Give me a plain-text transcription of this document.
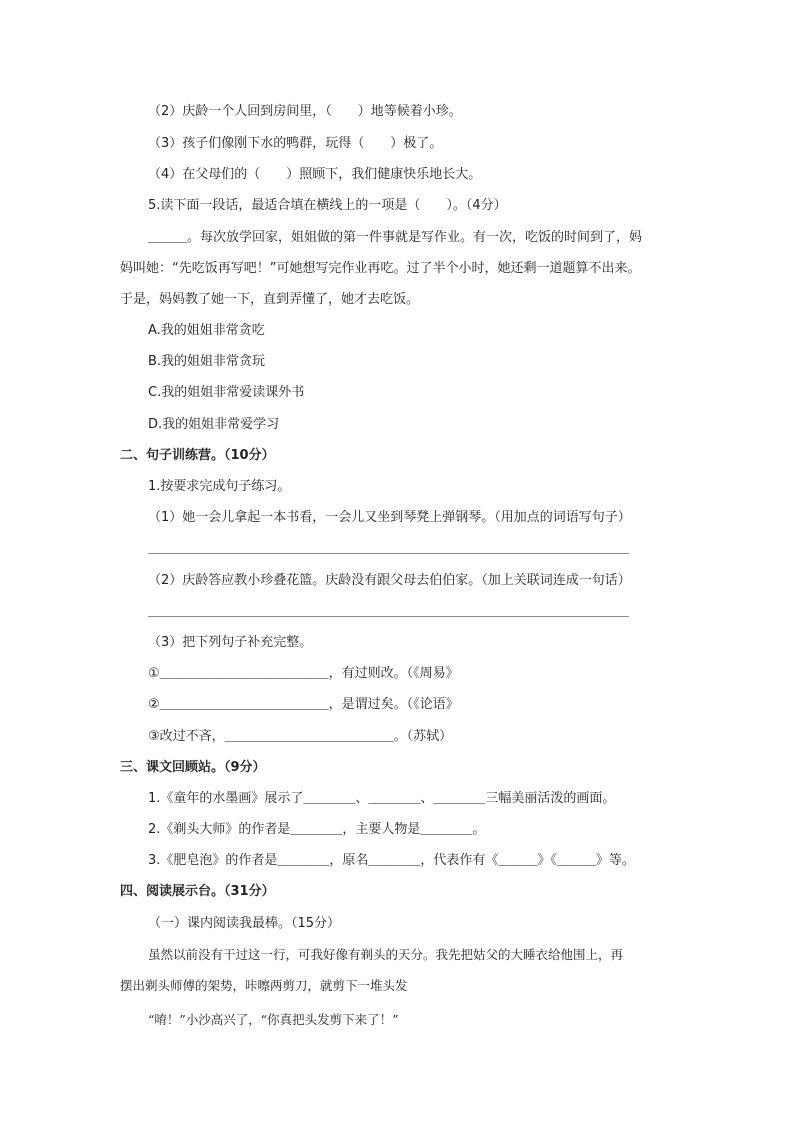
（2）庆龄一个人回到房间里，（　　）地等候着小珍。
（3）孩子们像刚下水的鸭群，玩得（　　）极了。
（4）在父母们的（　　）照顾下，我们健康快乐地长大。
5.读下面一段话，最适合填在横线上的一项是（　　）。（4分）
＿＿＿。每次放学回家，姐姐做的第一件事就是写作业。有一次，吃饭的时间到了，妈
妈叫她：“先吃饭再写吧！”可她想写完作业再吃。过了半个小时，她还剩一道题算不出来。
于是，妈妈教了她一下，直到弄懂了，她才去吃饭。
A.我的姐姐非常贪吃
B.我的姐姐非常贪玩
C.我的姐姐非常爱读课外书
D.我的姐姐非常爱学习
二、句子训练营。（10分）
1.按要求完成句子练习。
（1）她一会儿拿起一本书看，一会儿又坐到琴凳上弹钢琴。（用加点的词语写句子）
＿＿＿＿＿＿＿＿＿＿＿＿＿＿＿＿＿＿＿＿＿＿＿＿＿＿＿＿＿＿＿＿＿＿＿＿＿
（2）庆龄答应教小珍叠花篮。庆龄没有跟父母去伯伯家。（加上关联词连成一句话）
＿＿＿＿＿＿＿＿＿＿＿＿＿＿＿＿＿＿＿＿＿＿＿＿＿＿＿＿＿＿＿＿＿＿＿＿＿
（3）把下列句子补充完整。
①＿＿＿＿＿＿＿＿＿＿＿＿＿，有过则改。（《周易》
②＿＿＿＿＿＿＿＿＿＿＿＿＿，是谓过矣。（《论语》
③改过不吝，＿＿＿＿＿＿＿＿＿＿＿＿＿。（苏轼）
三、课文回顾站。（9分）
1.《童年的水墨画》展示了＿＿＿＿、＿＿＿＿、＿＿＿＿三幅美丽活泼的画面。
2.《剃头大师》的作者是＿＿＿＿，主要人物是＿＿＿＿。
3.《肥皂泡》的作者是＿＿＿＿，原名＿＿＿＿，代表作有《＿＿＿》《＿＿＿》等。
四、阅读展示台。（31分）
（一）课内阅读我最棒。（15分）
虽然以前没有干过这一行，可我好像有剃头的天分。我先把姑父的大睡衣给他围上，再
摆出剃头师傅的架势，咔嚓两剪刀，就剪下一堆头发
“唷！”小沙高兴了，“你真把头发剪下来了！”
